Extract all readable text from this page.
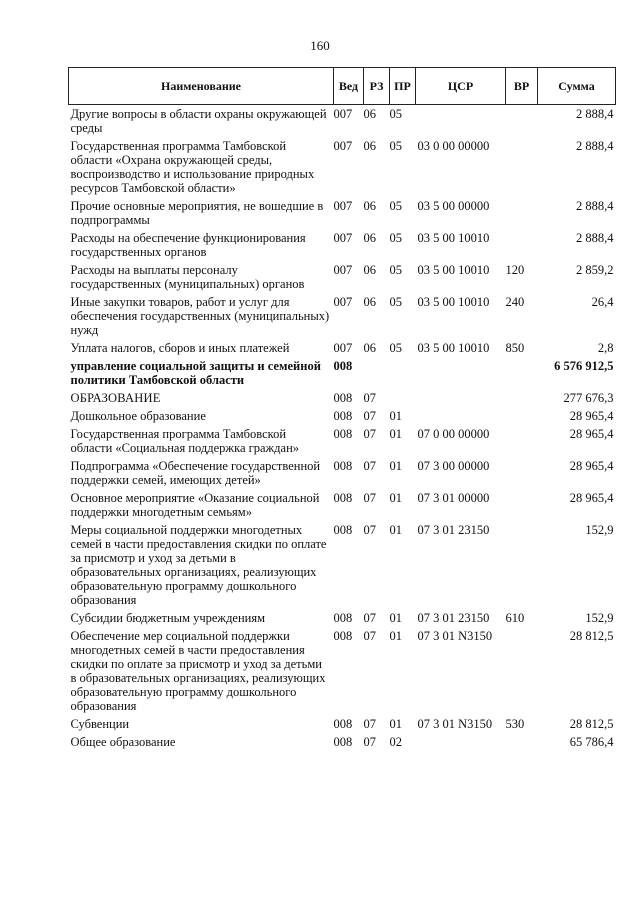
160
Наименование	Вед	РЗ	ПР	ЦСР	ВР	Сумма
Другие вопросы в области охраны окружающей среды	007	06	05			2 888,4
Государственная программа Тамбовской области «Охрана окружающей среды, воспроизводство и использование природных ресурсов Тамбовской области»	007	06	05	03 0 00 00000		2 888,4
Прочие основные мероприятия, не вошедшие в подпрограммы	007	06	05	03 5 00 00000		2 888,4
Расходы на обеспечение функционирования государственных органов	007	06	05	03 5 00 10010		2 888,4
Расходы на выплаты персоналу государственных (муниципальных) органов	007	06	05	03 5 00 10010	120	2 859,2
Иные закупки товаров, работ и услуг для обеспечения государственных (муниципальных) нужд	007	06	05	03 5 00 10010	240	26,4
Уплата налогов, сборов и иных платежей	007	06	05	03 5 00 10010	850	2,8
управление социальной защиты и семейной политики Тамбовской области	008					6 576 912,5
ОБРАЗОВАНИЕ	008	07				277 676,3
Дошкольное образование	008	07	01			28 965,4
Государственная программа Тамбовской области «Социальная поддержка граждан»	008	07	01	07 0 00 00000		28 965,4
Подпрограмма «Обеспечение государственной поддержки семей, имеющих детей»	008	07	01	07 3 00 00000		28 965,4
Основное мероприятие «Оказание социальной поддержки многодетным семьям»	008	07	01	07 3 01 00000		28 965,4
Меры социальной поддержки многодетных семей в части предоставления скидки по оплате за присмотр и уход за детьми в образовательных организациях, реализующих образовательную программу дошкольного образования	008	07	01	07 3 01 23150		152,9
Субсидии бюджетным учреждениям	008	07	01	07 3 01 23150	610	152,9
Обеспечение мер социальной поддержки многодетных семей в части предоставления скидки по оплате за присмотр и уход за детьми в образовательных организациях, реализующих образовательную программу дошкольного образования	008	07	01	07 3 01 N3150		28 812,5
Субвенции	008	07	01	07 3 01 N3150	530	28 812,5
Общее образование	008	07	02			65 786,4
